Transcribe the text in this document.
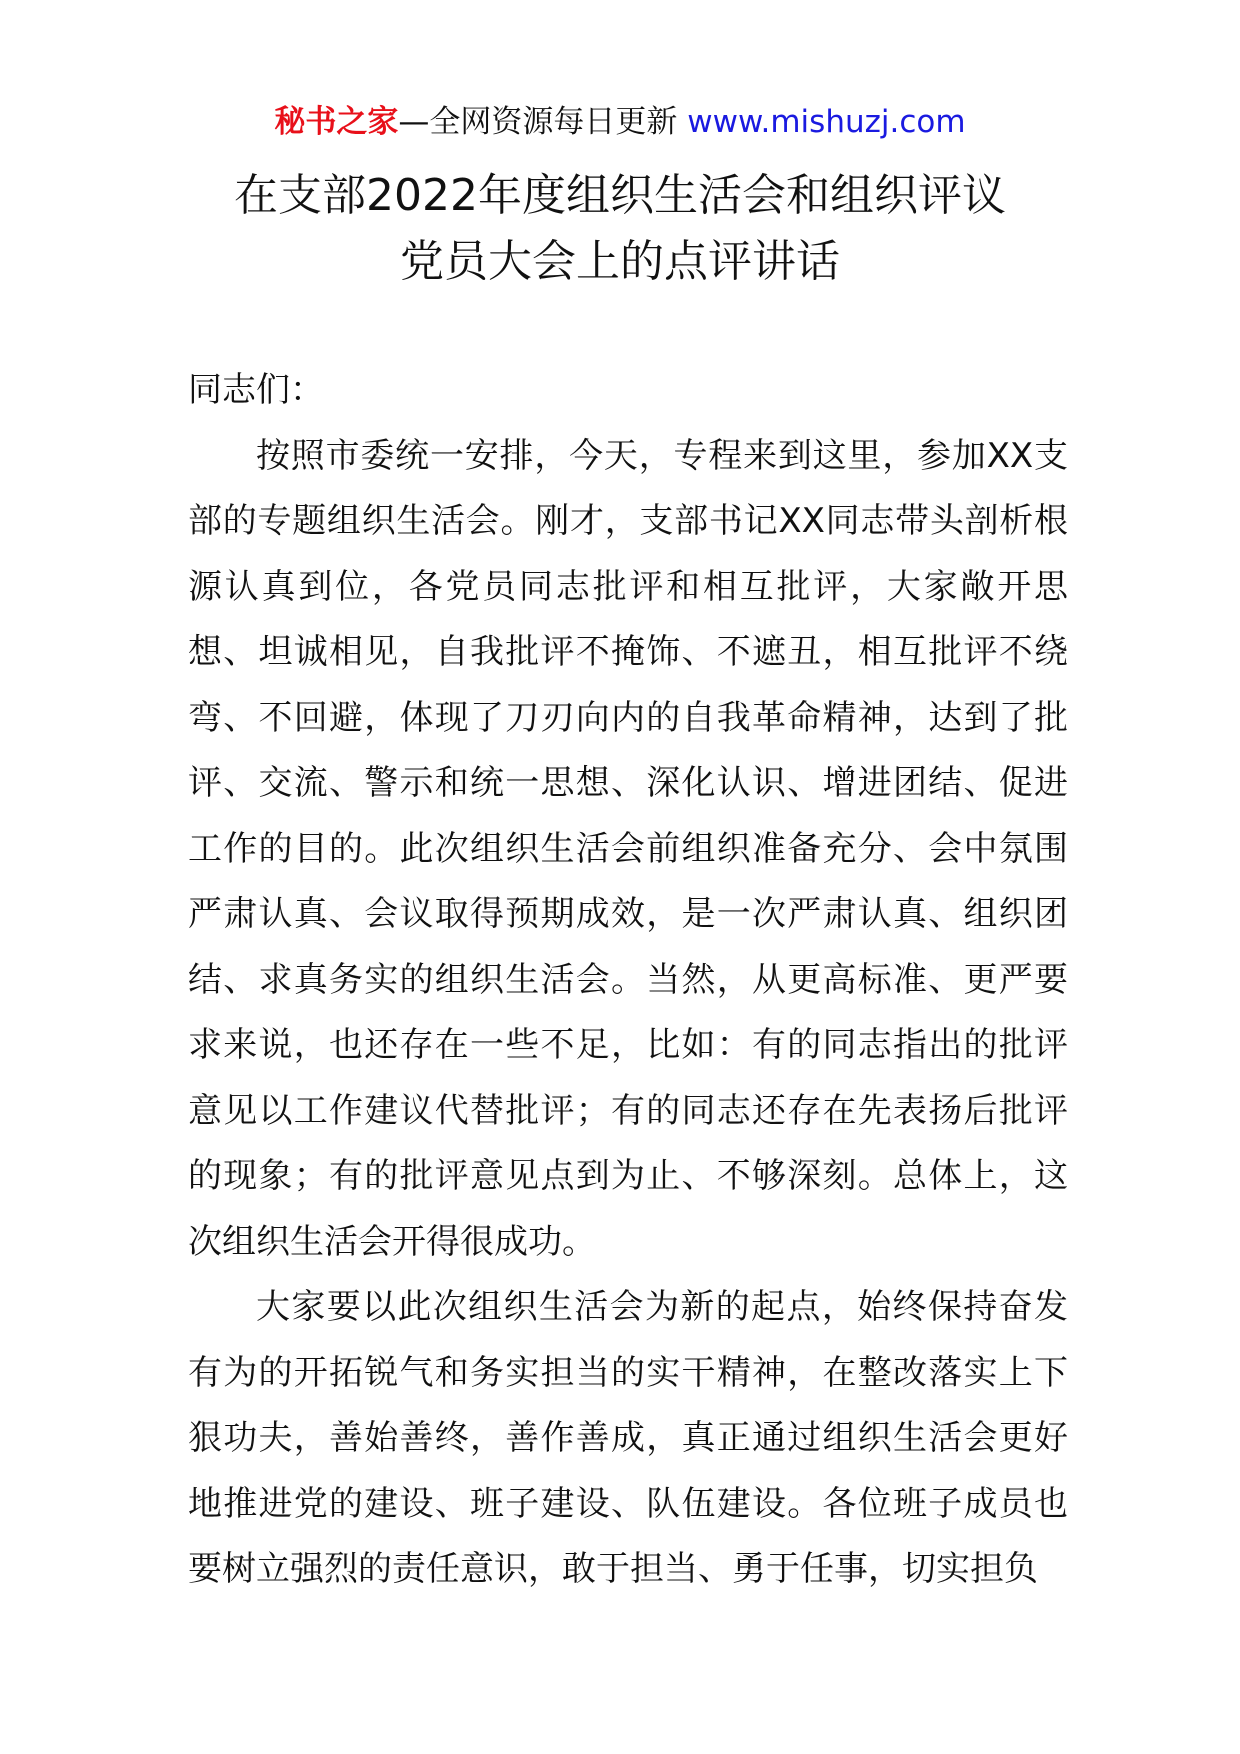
秘书之家—全网资源每日更新 www.mishuzj.com
在支部2022年度组织生活会和组织评议
党员大会上的点评讲话

同志们：

按照市委统一安排，今天，专程来到这里，参加XX支部的专题组织生活会。刚才，支部书记XX同志带头剖析根源认真到位，各党员同志批评和相互批评，大家敞开思想、坦诚相见，自我批评不掩饰、不遮丑，相互批评不绕弯、不回避，体现了刀刃向内的自我革命精神，达到了批评、交流、警示和统一思想、深化认识、增进团结、促进工作的目的。此次组织生活会前组织准备充分、会中氛围严肃认真、会议取得预期成效，是一次严肃认真、组织团结、求真务实的组织生活会。当然，从更高标准、更严要求来说，也还存在一些不足，比如：有的同志指出的批评意见以工作建议代替批评；有的同志还存在先表扬后批评的现象；有的批评意见点到为止、不够深刻。总体上，这次组织生活会开得很成功。

大家要以此次组织生活会为新的起点，始终保持奋发有为的开拓锐气和务实担当的实干精神，在整改落实上下狠功夫，善始善终，善作善成，真正通过组织生活会更好地推进党的建设、班子建设、队伍建设。各位班子成员也要树立强烈的责任意识，敢于担当、勇于任事，切实担负
